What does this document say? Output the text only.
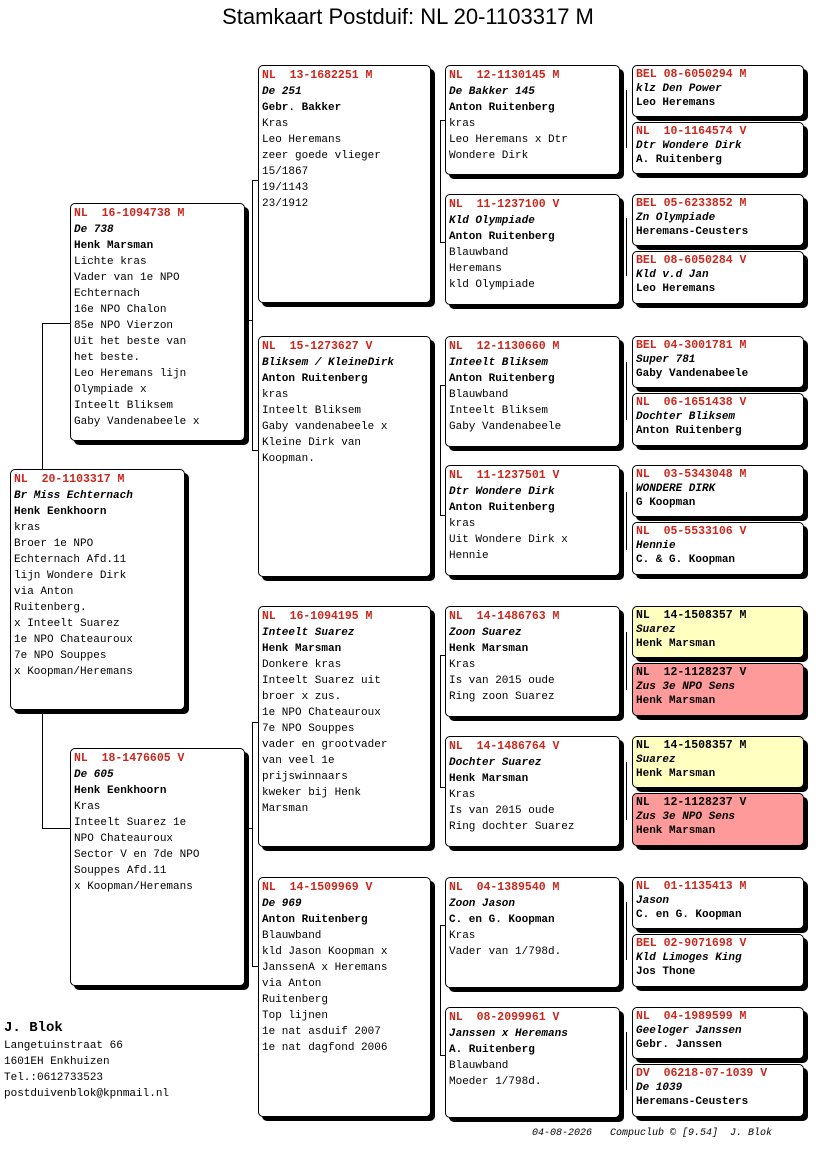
Stamkaart Postduif: NL 20-1103317 M
NL  20-1103317 M
Br Miss Echternach
Henk Eenkhoorn
kras
Broer 1e NPO
Echternach Afd.11
lijn Wondere Dirk
via Anton
Ruitenberg.
x Inteelt Suarez
1e NPO Chateauroux
7e NPO Souppes
x Koopman/Heremans
NL  16-1094738 M
De 738
Henk Marsman
Lichte kras
Vader van 1e NPO
Echternach
16e NPO Chalon
85e NPO Vierzon
Uit het beste van
het beste.
Leo Heremans lijn
Olympiade x
Inteelt Bliksem
Gaby Vandenabeele x
NL  18-1476605 V
De 605
Henk Eenkhoorn
Kras
Inteelt Suarez 1e
NPO Chateauroux
Sector V en 7de NPO
Souppes Afd.11
x Koopman/Heremans
NL  13-1682251 M
De 251
Gebr. Bakker
Kras
Leo Heremans
zeer goede vlieger
15/1867
19/1143
23/1912
NL  15-1273627 V
Bliksem / KleineDirk
Anton Ruitenberg
kras
Inteelt Bliksem
Gaby vandenabeele x
Kleine Dirk van
Koopman.
NL  16-1094195 M
Inteelt Suarez
Henk Marsman
Donkere kras
Inteelt Suarez uit
broer x zus.
1e NPO Chateauroux
7e NPO Souppes
vader en grootvader
van veel 1e
prijswinnaars
kweker bij Henk
Marsman
NL  14-1509969 V
De 969
Anton Ruitenberg
Blauwband
kld Jason Koopman x
JanssenA x Heremans
via Anton
Ruitenberg
Top lijnen
1e nat asduif 2007
1e nat dagfond 2006
NL  12-1130145 M
De Bakker 145
Anton Ruitenberg
kras
Leo Heremans x Dtr
Wondere Dirk
NL  11-1237100 V
Kld Olympiade
Anton Ruitenberg
Blauwband
Heremans
kld Olympiade
NL  12-1130660 M
Inteelt Bliksem
Anton Ruitenberg
Blauwband
Inteelt Bliksem
Gaby Vandenabeele
NL  11-1237501 V
Dtr Wondere Dirk
Anton Ruitenberg
kras
Uit Wondere Dirk x
Hennie
NL  14-1486763 M
Zoon Suarez
Henk Marsman
Kras
Is van 2015 oude
Ring zoon Suarez
NL  14-1486764 V
Dochter Suarez
Henk Marsman
Kras
Is van 2015 oude
Ring dochter Suarez
NL  04-1389540 M
Zoon Jason
C. en G. Koopman
Kras
Vader van 1/798d.
NL  08-2099961 V
Janssen x Heremans
A. Ruitenberg
Blauwband
Moeder 1/798d.
BEL 08-6050294 M
klz Den Power
Leo Heremans
NL  10-1164574 V
Dtr Wondere Dirk
A. Ruitenberg
BEL 05-6233852 M
Zn Olympiade
Heremans-Ceusters
BEL 08-6050284 V
Kld v.d Jan
Leo Heremans
BEL 04-3001781 M
Super 781
Gaby Vandenabeele
NL  06-1651438 V
Dochter Bliksem
Anton Ruitenberg
NL  03-5343048 M
WONDERE DIRK
G Koopman
NL  05-5533106 V
Hennie
C. & G. Koopman
NL  14-1508357 M
Suarez
Henk Marsman
NL  12-1128237 V
Zus 3e NPO Sens
Henk Marsman
NL  14-1508357 M
Suarez
Henk Marsman
NL  12-1128237 V
Zus 3e NPO Sens
Henk Marsman
NL  01-1135413 M
Jason
C. en G. Koopman
BEL 02-9071698 V
Kld Limoges King
Jos Thone
NL  04-1989599 M
Geeloger Janssen
Gebr. Janssen
DV  06218-07-1039 V
De 1039
Heremans-Ceusters
J. Blok
Langetuinstraat 66
1601EH Enkhuizen
Tel.:0612733523
postduivenblok@kpnmail.nl
04-08-2026   Compuclub © [9.54]  J. Blok
